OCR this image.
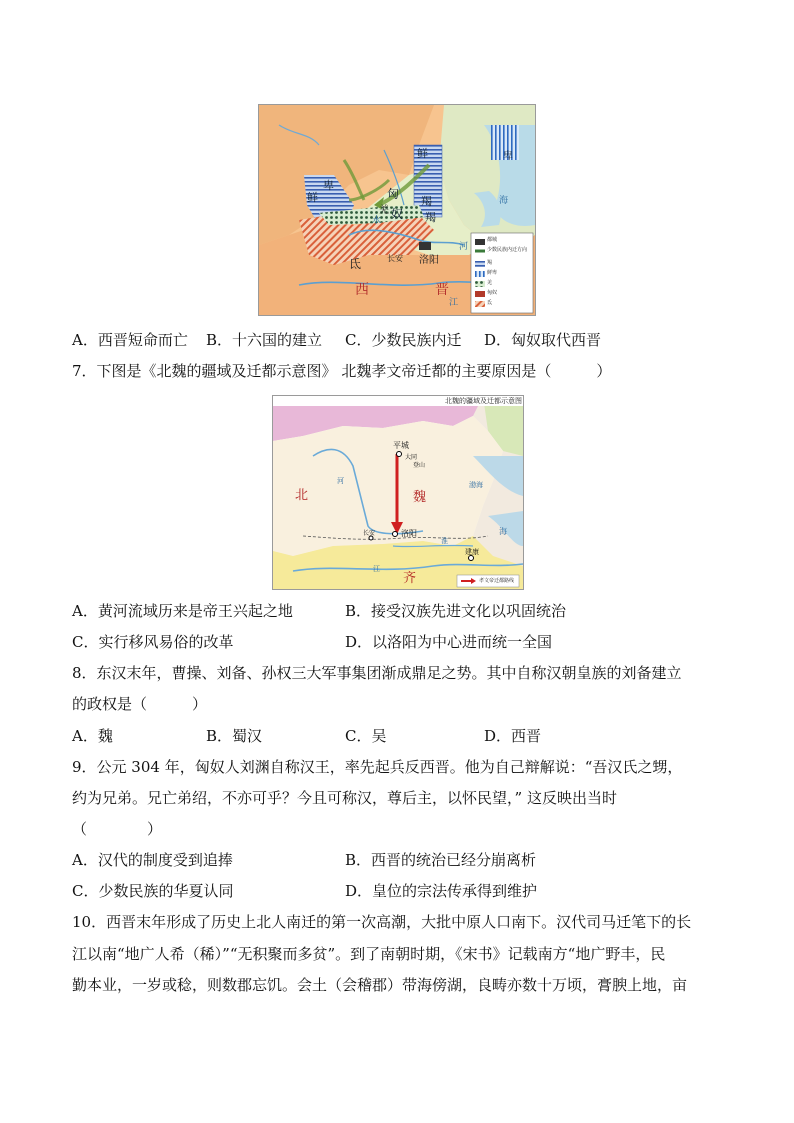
鲜	卑
鲜
卑
匈
奴
羯
羯
氐
羌
长安 洛阳
水
海
河
江
西	晋
都城
少数民族内迁方向
羯
鲜卑
羌
匈奴
氐
A．西晋短命而亡 B．十六国的建立 C．少数民族内迁 D．匈奴取代西晋
7．下图是《北魏的疆域及迁都示意图》 北魏孝文帝迁都的主要原因是（　　　）
北魏的疆域及迁都示意图
平城
大同
登山
北	魏
洛阳
长安
建康
齐
渤海
海
河
江
淮
孝文帝迁都路线
A．黄河流域历来是帝王兴起之地	B．接受汉族先进文化以巩固统治
C．实行移风易俗的改革	D．以洛阳为中心进而统一全国
8．东汉末年，曹操、刘备、孙权三大军事集团渐成鼎足之势。其中自称汉朝皇族的刘备建立
的政权是（　　　）
A．魏	B．蜀汉	C．吴	D．西晋
9．公元 304 年，匈奴人刘渊自称汉王，率先起兵反西晋。他为自己辩解说：“吾汉氏之甥，
约为兄弟。兄亡弟绍，不亦可乎？今且可称汉，尊后主，以怀民望，” 这反映出当时
（　　　　）
A．汉代的制度受到追捧	B．西晋的统治已经分崩离析
C．少数民族的华夏认同	D．皇位的宗法传承得到维护
10．西晋末年形成了历史上北人南迁的第一次高潮，大批中原人口南下。汉代司马迁笔下的长
江以南“地广人希（稀）”“无积聚而多贫”。到了南朝时期，《宋书》记载南方“地广野丰，民
勤本业，一岁或稔，则数郡忘饥。会土（会稽郡）带海傍湖，良畴亦数十万顷，膏腴上地，亩
